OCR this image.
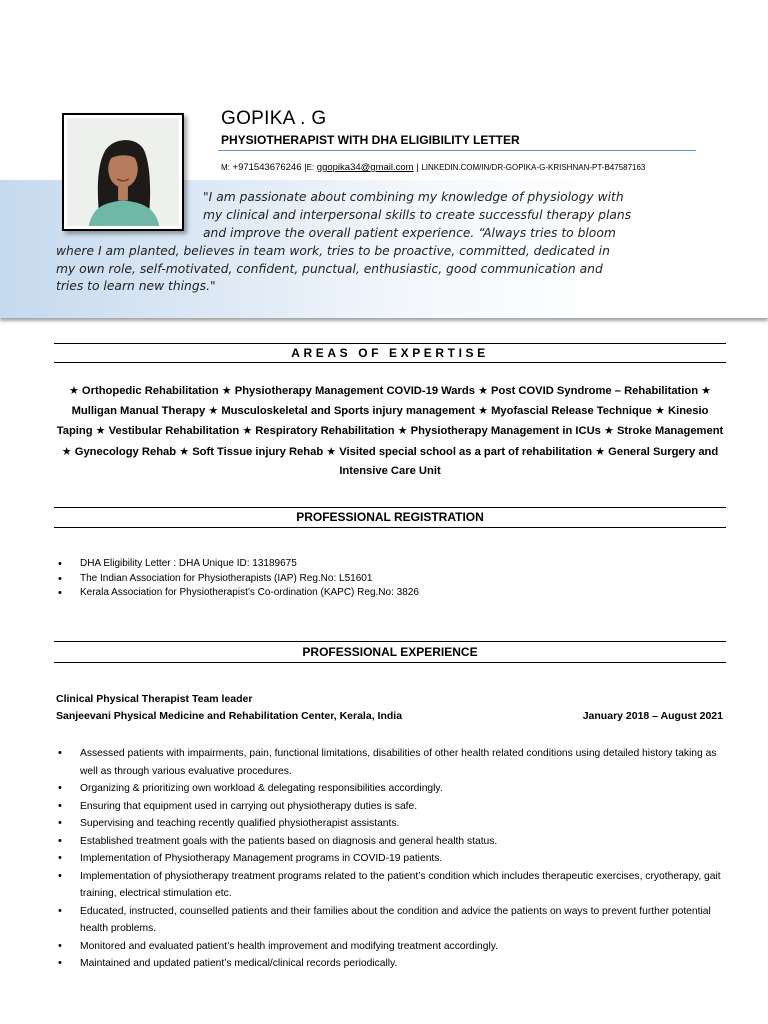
GOPIKA . G
PHYSIOTHERAPIST WITH DHA ELIGIBILITY LETTER
M: +971543676246 |E: ggopika34@gmail.com | LINKEDIN.COM/IN/DR-GOPIKA-G-KRISHNAN-PT-B47587163
"I am passionate about combining my knowledge of physiology with
my clinical and interpersonal skills to create successful therapy plans
and improve the overall patient experience. “Always tries to bloom
where I am planted, believes in team work, tries to be proactive, committed, dedicated in
my own role, self-motivated, confident, punctual, enthusiastic, good communication and
tries to learn new things."
AREAS OF EXPERTISE
★ Orthopedic Rehabilitation ★ Physiotherapy Management COVID-19 Wards ★ Post COVID Syndrome – Rehabilitation ★ Mulligan Manual Therapy ★ Musculoskeletal and Sports injury management ★ Myofascial Release Technique ★ Kinesio Taping ★ Vestibular Rehabilitation ★ Respiratory Rehabilitation ★ Physiotherapy Management in ICUs ★ Stroke Management ★ Gynecology Rehab ★ Soft Tissue injury Rehab ★ Visited special school as a part of rehabilitation ★ General Surgery and Intensive Care Unit
PROFESSIONAL REGISTRATION
• DHA Eligibility Letter : DHA Unique ID: 13189675
• The Indian Association for Physiotherapists (IAP) Reg.No: L51601
• Kerala Association for Physiotherapist’s Co-ordination (KAPC) Reg.No: 3826
PROFESSIONAL EXPERIENCE
Clinical Physical Therapist Team leader
Sanjeevani Physical Medicine and Rehabilitation Center, Kerala, India	January 2018 – August 2021
• Assessed patients with impairments, pain, functional limitations, disabilities of other health related conditions using detailed history taking as well as through various evaluative procedures.
• Organizing & prioritizing own workload & delegating responsibilities accordingly.
• Ensuring that equipment used in carrying out physiotherapy duties is safe.
• Supervising and teaching recently qualified physiotherapist assistants.
• Established treatment goals with the patients based on diagnosis and general health status.
• Implementation of Physiotherapy Management programs in COVID-19 patients.
• Implementation of physiotherapy treatment programs related to the patient’s condition which includes therapeutic exercises, cryotherapy, gait training, electrical stimulation etc.
• Educated, instructed, counselled patients and their families about the condition and advice the patients on ways to prevent further potential health problems.
• Monitored and evaluated patient’s health improvement and modifying treatment accordingly.
• Maintained and updated patient’s medical/clinical records periodically.
